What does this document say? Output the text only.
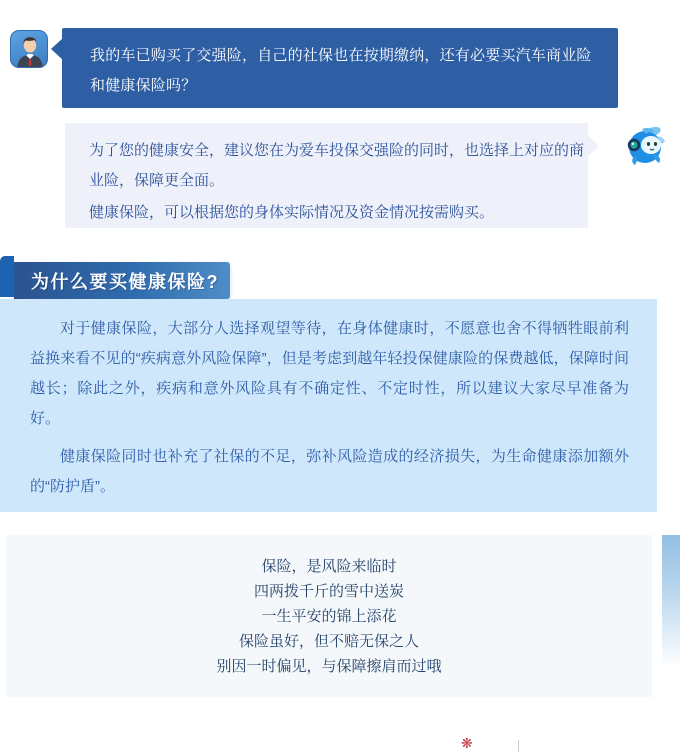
我的车已购买了交强险，自己的社保也在按期缴纳，还有必要买汽车商业险和健康保险吗？

为了您的健康安全，建议您在为爱车投保交强险的同时，也选择上对应的商业险，保障更全面。

健康保险，可以根据您的身体实际情况及资金情况按需购买。

为什么要买健康保险?

对于健康保险，大部分人选择观望等待，在身体健康时，不愿意也舍不得牺牲眼前利益换来看不见的“疾病意外风险保障”，但是考虑到越年轻投保健康险的保费越低，保障时间越长；除此之外，疾病和意外风险具有不确定性、不定时性，所以建议大家尽早准备为好。

健康保险同时也补充了社保的不足，弥补风险造成的经济损失，为生命健康添加额外的“防护盾”。

保险，是风险来临时

四两拨千斤的雪中送炭

一生平安的锦上添花

保险虽好，但不赔无保之人

别因一时偏见，与保障擦肩而过哦

❋
